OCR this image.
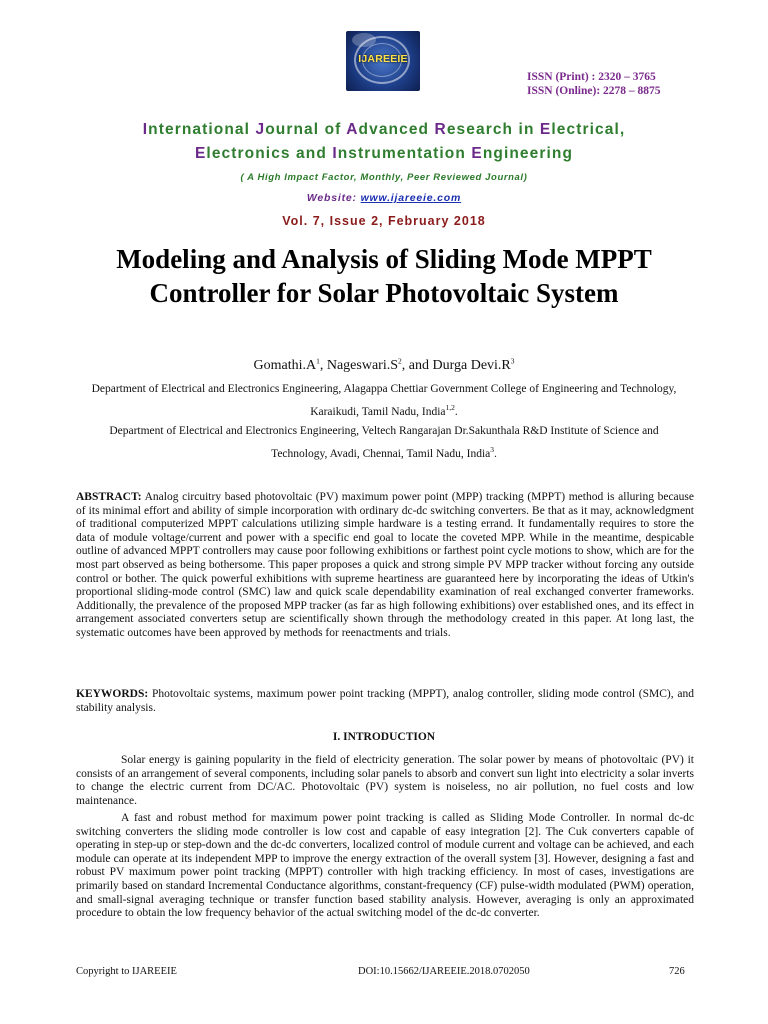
IJAREEIE
ISSN (Print) : 2320 – 3765
ISSN (Online): 2278 – 8875
International Journal of Advanced Research in Electrical,
Electronics and Instrumentation Engineering
( A High Impact Factor, Monthly, Peer Reviewed Journal)
Website: www.ijareeie.com
Vol. 7, Issue 2, February 2018
Modeling and Analysis of Sliding Mode MPPT Controller for Solar Photovoltaic System
$Gomathi.A^1$, $Nageswari.S^2$, and Durga $Devi.R^3$
Department of Electrical and Electronics Engineering, Alagappa Chettiar Government College of Engineering and Technology, Karaikudi, Tamil Nadu, India$^{1,2}$.
Department of Electrical and Electronics Engineering, Veltech Rangarajan Dr.Sakunthala R&D Institute of Science and Technology, Avadi, Chennai, Tamil Nadu, India$^3$.
ABSTRACT: Analog circuitry based photovoltaic (PV) maximum power point (MPP) tracking (MPPT) method is alluring because of its minimal effort and ability of simple incorporation with ordinary dc-dc switching converters. Be that as it may, acknowledgment of traditional computerized MPPT calculations utilizing simple hardware is a testing errand. It fundamentally requires to store the data of module voltage/current and power with a specific end goal to locate the coveted MPP. While in the meantime, despicable outline of advanced MPPT controllers may cause poor following exhibitions or farthest point cycle motions to show, which are for the most part observed as being bothersome. This paper proposes a quick and strong simple PV MPP tracker without forcing any outside control or bother. The quick powerful exhibitions with supreme heartiness are guaranteed here by incorporating the ideas of Utkin's proportional sliding-mode control (SMC) law and quick scale dependability examination of real exchanged converter frameworks. Additionally, the prevalence of the proposed MPP tracker (as far as high following exhibitions) over established ones, and its effect in arrangement associated converters setup are scientifically shown through the methodology created in this paper. At long last, the systematic outcomes have been approved by methods for reenactments and trials.
KEYWORDS: Photovoltaic systems, maximum power point tracking (MPPT), analog controller, sliding mode control (SMC), and stability analysis.
I. INTRODUCTION
Solar energy is gaining popularity in the field of electricity generation. The solar power by means of photovoltaic (PV) it consists of an arrangement of several components, including solar panels to absorb and convert sun light into electricity a solar inverts to change the electric current from DC/AC. Photovoltaic (PV) system is noiseless, no air pollution, no fuel costs and low maintenance.
A fast and robust method for maximum power point tracking is called as Sliding Mode Controller. In normal dc-dc switching converters the sliding mode controller is low cost and capable of easy integration [2]. The Cuk converters capable of operating in step-up or step-down and the dc-dc converters, localized control of module current and voltage can be achieved, and each module can operate at its independent MPP to improve the energy extraction of the overall system [3]. However, designing a fast and robust PV maximum power point tracking (MPPT) controller with high tracking efficiency. In most of cases, investigations are primarily based on standard Incremental Conductance algorithms, constant-frequency (CF) pulse-width modulated (PWM) operation, and small-signal averaging technique or transfer function based stability analysis. However, averaging is only an approximated procedure to obtain the low frequency behavior of the actual switching model of the dc-dc converter.
Copyright to IJAREEIE	DOI:10.15662/IJAREEIE.2018.0702050	726
